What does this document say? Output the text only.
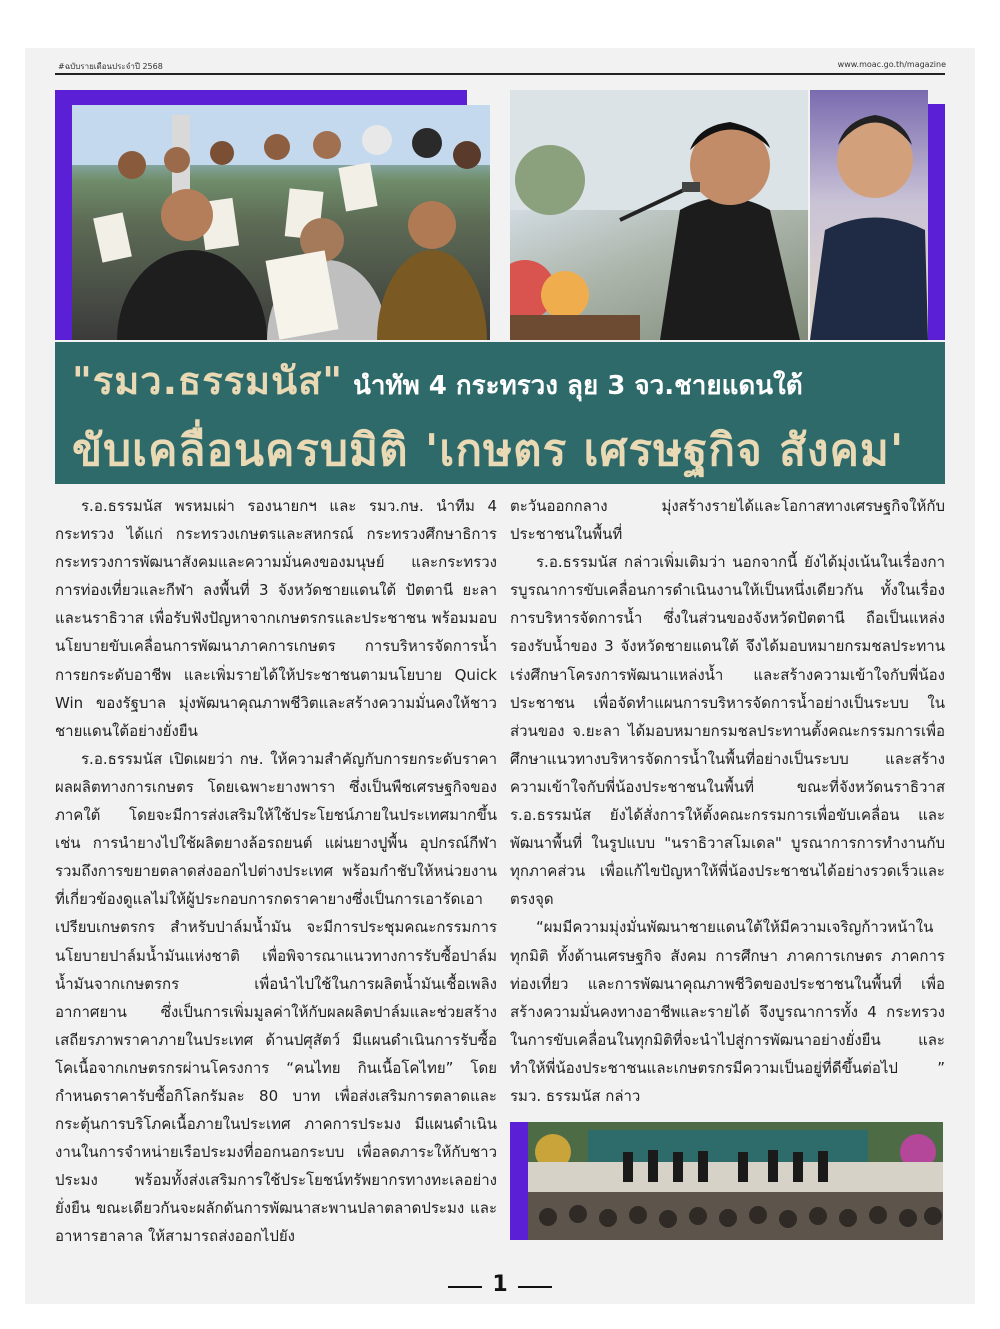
#ฉบับรายเดือนประจำปี 2568	www.moac.go.th/magazine
"รมว.ธรรมนัส" นำทัพ 4 กระทรวง ลุย 3 จว.ชายแดนใต้
ขับเคลื่อนครบมิติ 'เกษตร เศรษฐกิจ สังคม'

ร.อ.ธรรมนัส พรหมเผ่า รองนายกฯ และ รมว.กษ. นำทีม 4 กระทรวง ได้แก่ กระทรวงเกษตรและสหกรณ์ กระทรวงศึกษาธิการ กระทรวงการพัฒนาสังคมและความมั่นคงของมนุษย์ และกระทรวงการท่องเที่ยวและกีฬา ลงพื้นที่ 3 จังหวัดชายแดนใต้ ปัตตานี ยะลา และนราธิวาส เพื่อรับฟังปัญหาจากเกษตรกรและประชาชน พร้อมมอบนโยบายขับเคลื่อนการพัฒนาภาคการเกษตร การบริหารจัดการน้ำ การยกระดับอาชีพ และเพิ่มรายได้ให้ประชาชนตามนโยบาย Quick Win ของรัฐบาล มุ่งพัฒนาคุณภาพชีวิตและสร้างความมั่นคงให้ชาวชายแดนใต้อย่างยั่งยืน

ร.อ.ธรรมนัส เปิดเผยว่า กษ. ให้ความสำคัญกับการยกระดับราคาผลผลิตทางการเกษตร โดยเฉพาะยางพารา ซึ่งเป็นพืชเศรษฐกิจของภาคใต้ โดยจะมีการส่งเสริมให้ใช้ประโยชน์ภายในประเทศมากขึ้น เช่น การนำยางไปใช้ผลิตยางล้อรถยนต์ แผ่นยางปูพื้น อุปกรณ์กีฬา รวมถึงการขยายตลาดส่งออกไปต่างประเทศ พร้อมกำชับให้หน่วยงานที่เกี่ยวข้องดูแลไม่ให้ผู้ประกอบการกดราคายางซึ่งเป็นการเอารัดเอาเปรียบเกษตรกร สำหรับปาล์มน้ำมัน จะมีการประชุมคณะกรรมการนโยบายปาล์มน้ำมันแห่งชาติ เพื่อพิจารณาแนวทางการรับซื้อปาล์มน้ำมันจากเกษตรกร เพื่อนำไปใช้ในการผลิตน้ำมันเชื้อเพลิงอากาศยาน ซึ่งเป็นการเพิ่มมูลค่าให้กับผลผลิตปาล์มและช่วยสร้างเสถียรภาพราคาภายในประเทศ ด้านปศุสัตว์ มีแผนดำเนินการรับซื้อโคเนื้อจากเกษตรกรผ่านโครงการ “คนไทย กินเนื้อโคไทย” โดยกำหนดราคารับซื้อกิโลกรัมละ 80 บาท เพื่อส่งเสริมการตลาดและกระตุ้นการบริโภคเนื้อภายในประเทศ ภาคการประมง มีแผนดำเนินงานในการจำหน่ายเรือประมงที่ออกนอกระบบ เพื่อลดภาระให้กับชาวประมง พร้อมทั้งส่งเสริมการใช้ประโยชน์ทรัพยากรทางทะเลอย่างยั่งยืน ขณะเดียวกันจะผลักดันการพัฒนาสะพานปลาตลาดประมง และอาหารฮาลาล ให้สามารถส่งออกไปยัง

ตะวันออกกลาง มุ่งสร้างรายได้และโอกาสทางเศรษฐกิจให้กับประชาชนในพื้นที่

ร.อ.ธรรมนัส กล่าวเพิ่มเติมว่า นอกจากนี้ ยังได้มุ่งเน้นในเรื่องการบูรณาการขับเคลื่อนการดำเนินงานให้เป็นหนึ่งเดียวกัน ทั้งในเรื่องการบริหารจัดการน้ำ ซึ่งในส่วนของจังหวัดปัตตานี ถือเป็นแหล่งรองรับน้ำของ 3 จังหวัดชายแดนใต้ จึงได้มอบหมายกรมชลประทานเร่งศึกษาโครงการพัฒนาแหล่งน้ำ และสร้างความเข้าใจกับพี่น้องประชาชน เพื่อจัดทำแผนการบริหารจัดการน้ำอย่างเป็นระบบ ในส่วนของ จ.ยะลา ได้มอบหมายกรมชลประทานตั้งคณะกรรมการเพื่อศึกษาแนวทางบริหารจัดการน้ำในพื้นที่อย่างเป็นระบบ และสร้างความเข้าใจกับพี่น้องประชาชนในพื้นที่ ขณะที่จังหวัดนราธิวาส ร.อ.ธรรมนัส ยังได้สั่งการให้ตั้งคณะกรรมการเพื่อขับเคลื่อน และพัฒนาพื้นที่ ในรูปแบบ "นราธิวาสโมเดล" บูรณาการการทำงานกับทุกภาคส่วน เพื่อแก้ไขปัญหาให้พี่น้องประชาชนได้อย่างรวดเร็วและตรงจุด

“ผมมีความมุ่งมั่นพัฒนาชายแดนใต้ให้มีความเจริญก้าวหน้าในทุกมิติ ทั้งด้านเศรษฐกิจ สังคม การศึกษา ภาคการเกษตร ภาคการท่องเที่ยว และการพัฒนาคุณภาพชีวิตของประชาชนในพื้นที่ เพื่อสร้างความมั่นคงทางอาชีพและรายได้ จึงบูรณาการทั้ง 4 กระทรวงในการขับเคลื่อนในทุกมิติที่จะนำไปสู่การพัฒนาอย่างยั่งยืน และทำให้พี่น้องประชาชนและเกษตรกรมีความเป็นอยู่ที่ดีขึ้นต่อไป ” รมว. ธรรมนัส กล่าว

1
